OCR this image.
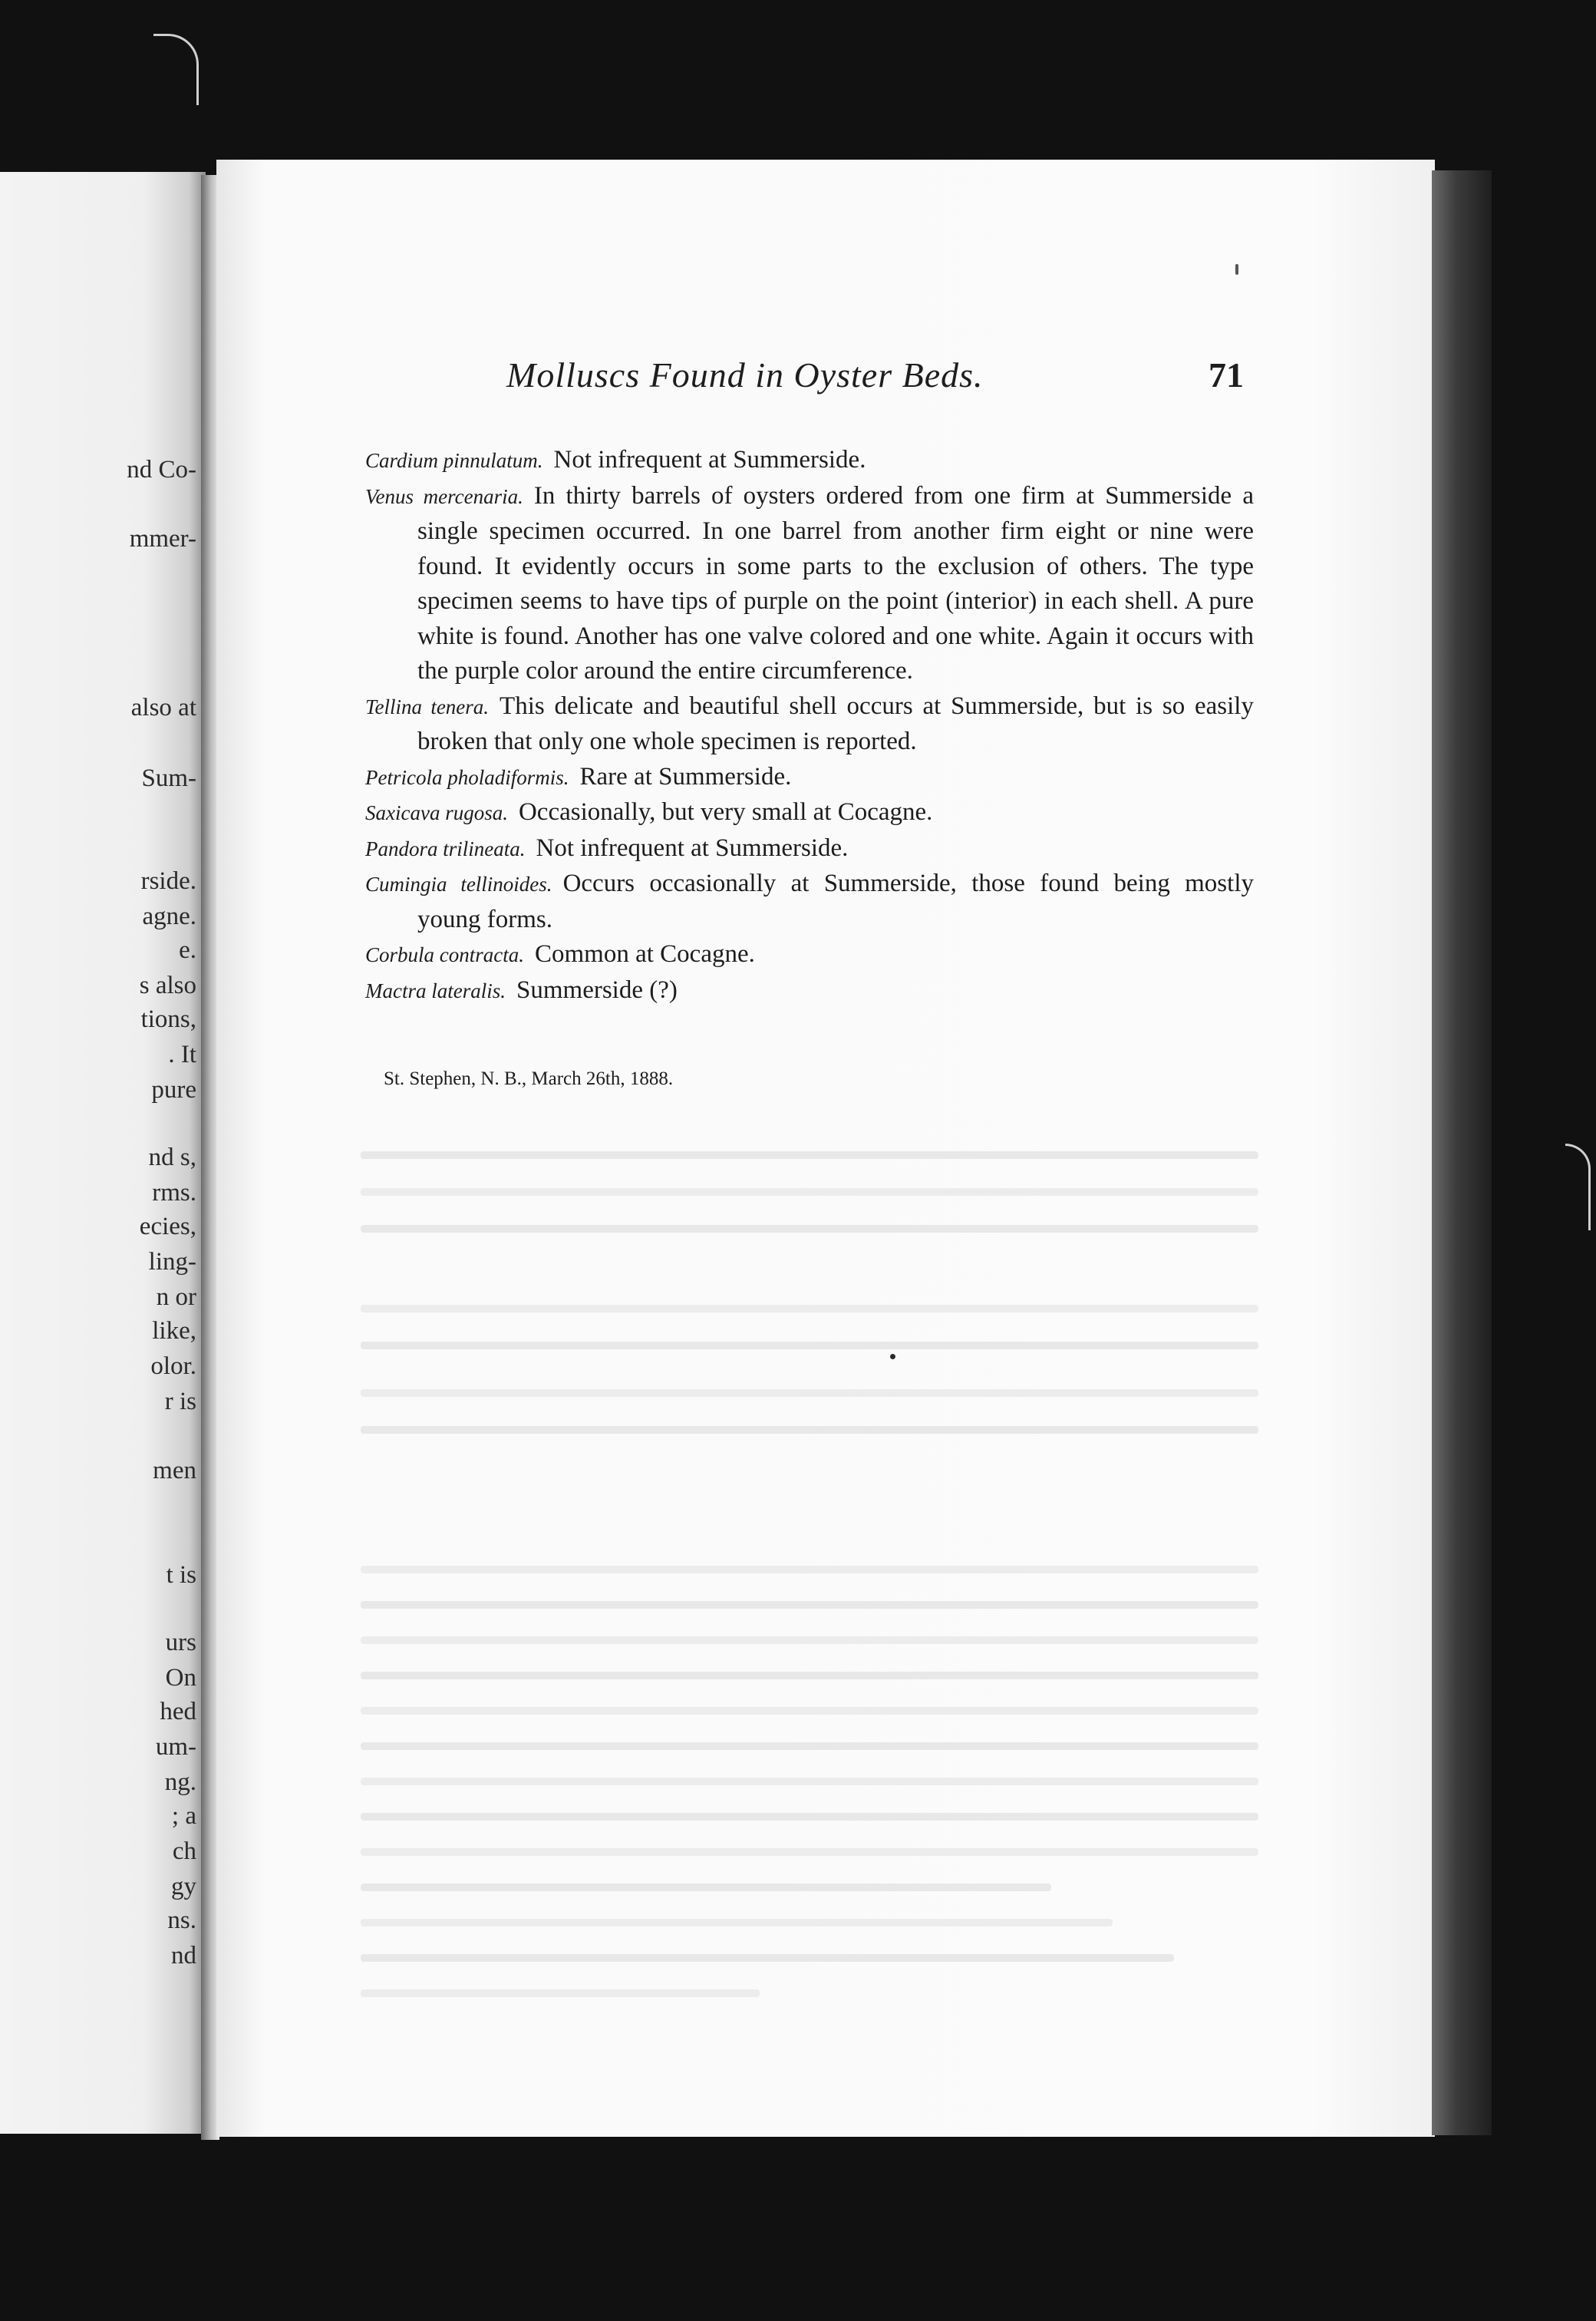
nd Co-
mmer-
also at
Sum-
rside.
agne.
e.
s also
tions,
. It
pure
nd s,
rms.
ecies,
ling-
n or
like,
olor.
r is
men
t is
urs
On
hed
um-
ng.
; a
ch
gy
ns.
nd
Molluscs Found in Oyster Beds.	71

Cardium pinnulatum. Not infrequent at Summerside.

Venus mercenaria. In thirty barrels of oysters ordered from one firm at Summerside a single specimen occurred. In one barrel from another firm eight or nine were found. It evidently occurs in some parts to the exclusion of others. The type specimen seems to have tips of purple on the point (interior) in each shell. A pure white is found. Another has one valve colored and one white. Again it occurs with the purple color around the entire circumference.

Tellina tenera. This delicate and beautiful shell occurs at Summerside, but is so easily broken that only one whole specimen is reported.

Petricola pholadiformis. Rare at Summerside.

Saxicava rugosa. Occasionally, but very small at Cocagne.

Pandora trilineata. Not infrequent at Summerside.

Cumingia tellinoides. Occurs occasionally at Summerside, those found being mostly young forms.

Corbula contracta. Common at Cocagne.

Mactra lateralis. Summerside (?)

St. Stephen, N. B., March 26th, 1888.
